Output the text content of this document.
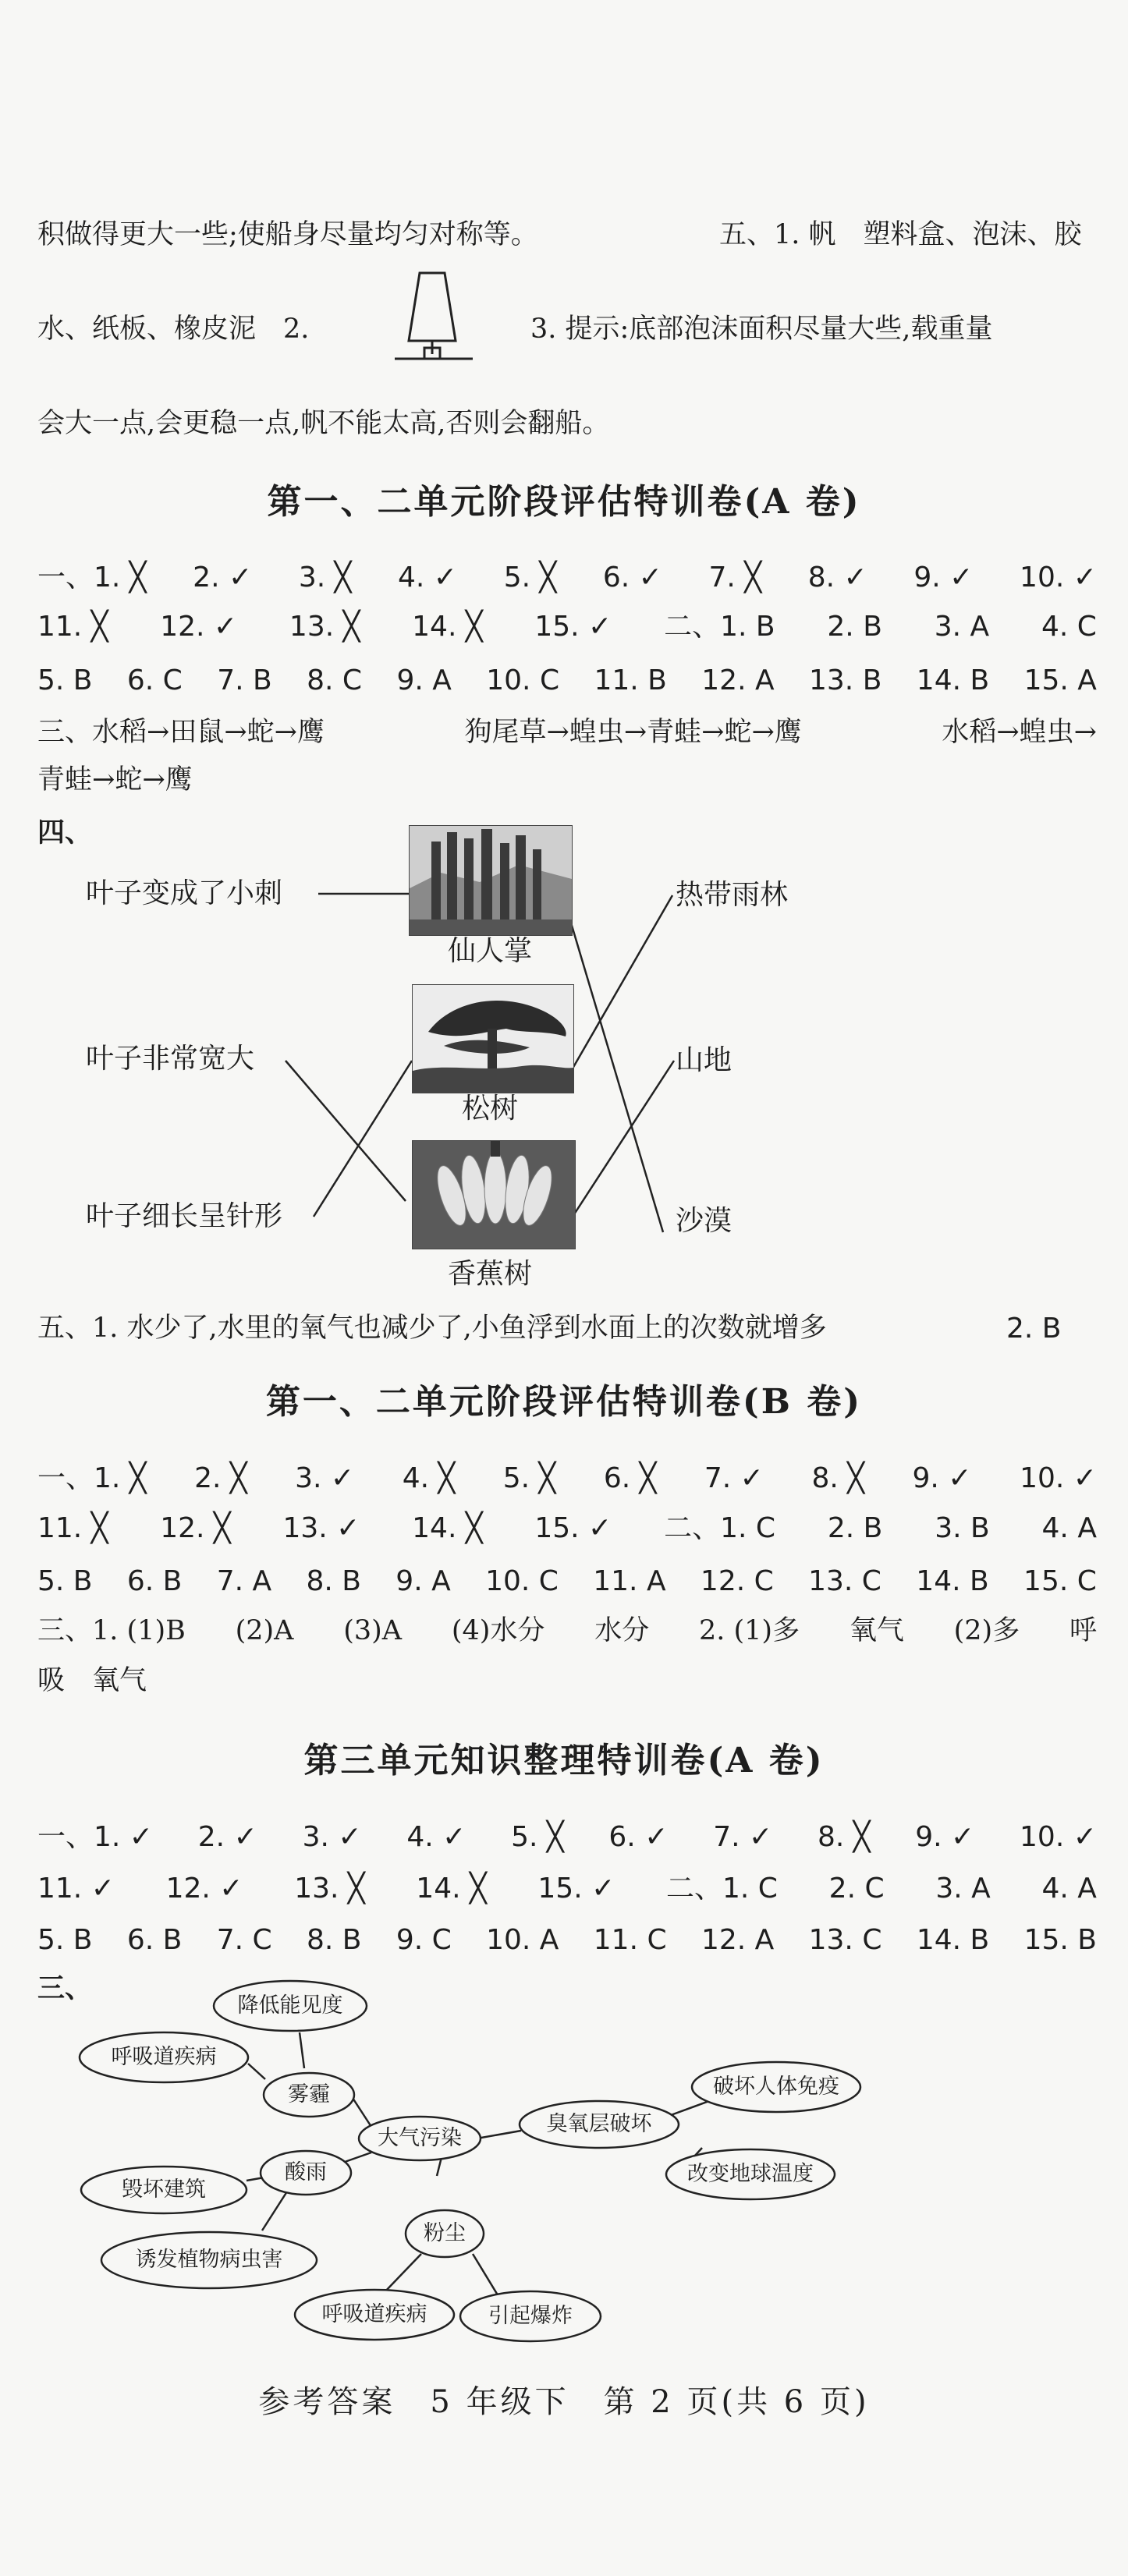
积做得更大一些;使船身尽量均匀对称等。	五、1. 帆　塑料盒、泡沫、胶
水、纸板、橡皮泥　2.	3. 提示:底部泡沫面积尽量大些,载重量
会大一点,会更稳一点,帆不能太高,否则会翻船。
第一、二单元阶段评估特训卷(A 卷)
一、1. ╳ 2. ✓ 3. ╳ 4. ✓ 5. ╳ 6. ✓ 7. ╳ 8. ✓ 9. ✓ 10. ✓
11. ╳ 12. ✓ 13. ╳ 14. ╳ 15. ✓ 二、1. B 2. B 3. A 4. C
5. B 6. C 7. B 8. C 9. A 10. C 11. B 12. A 13. B 14. B 15. A
三、水稻→田鼠→蛇→鹰	狗尾草→蝗虫→青蛙→蛇→鹰	水稻→蝗虫→
青蛙→蛇→鹰
四、
仙人掌
松树
香蕉树
叶子变成了小刺
叶子非常宽大
叶子细长呈针形
热带雨林
山地
沙漠
五、1. 水少了,水里的氧气也减少了,小鱼浮到水面上的次数就增多	2. B
第一、二单元阶段评估特训卷(B 卷)
一、1. ╳ 2. ╳ 3. ✓ 4. ╳ 5. ╳ 6. ╳ 7. ✓ 8. ╳ 9. ✓ 10. ✓
11. ╳ 12. ╳ 13. ✓ 14. ╳ 15. ✓ 二、1. C 2. B 3. B 4. A
5. B 6. B 7. A 8. B 9. A 10. C 11. A 12. C 13. C 14. B 15. C
三、1. (1)B (2)A (3)A (4)水分 水分 2. (1)多 氧气 (2)多 呼
吸　氧气
第三单元知识整理特训卷(A 卷)
一、1. ✓ 2. ✓ 3. ✓ 4. ✓ 5. ╳ 6. ✓ 7. ✓ 8. ╳ 9. ✓ 10. ✓
11. ✓ 12. ✓ 13. ╳ 14. ╳ 15. ✓ 二、1. C 2. C 3. A 4. A
5. B 6. B 7. C 8. B 9. C 10. A 11. C 12. A 13. C 14. B 15. B
三、
降低能见度
呼吸道疾病
雾霾
大气污染
臭氧层破坏
破坏人体免疫
改变地球温度
酸雨
毁坏建筑
诱发植物病虫害
粉尘
呼吸道疾病	引起爆炸
参考答案　5 年级下　第 2 页(共 6 页)
